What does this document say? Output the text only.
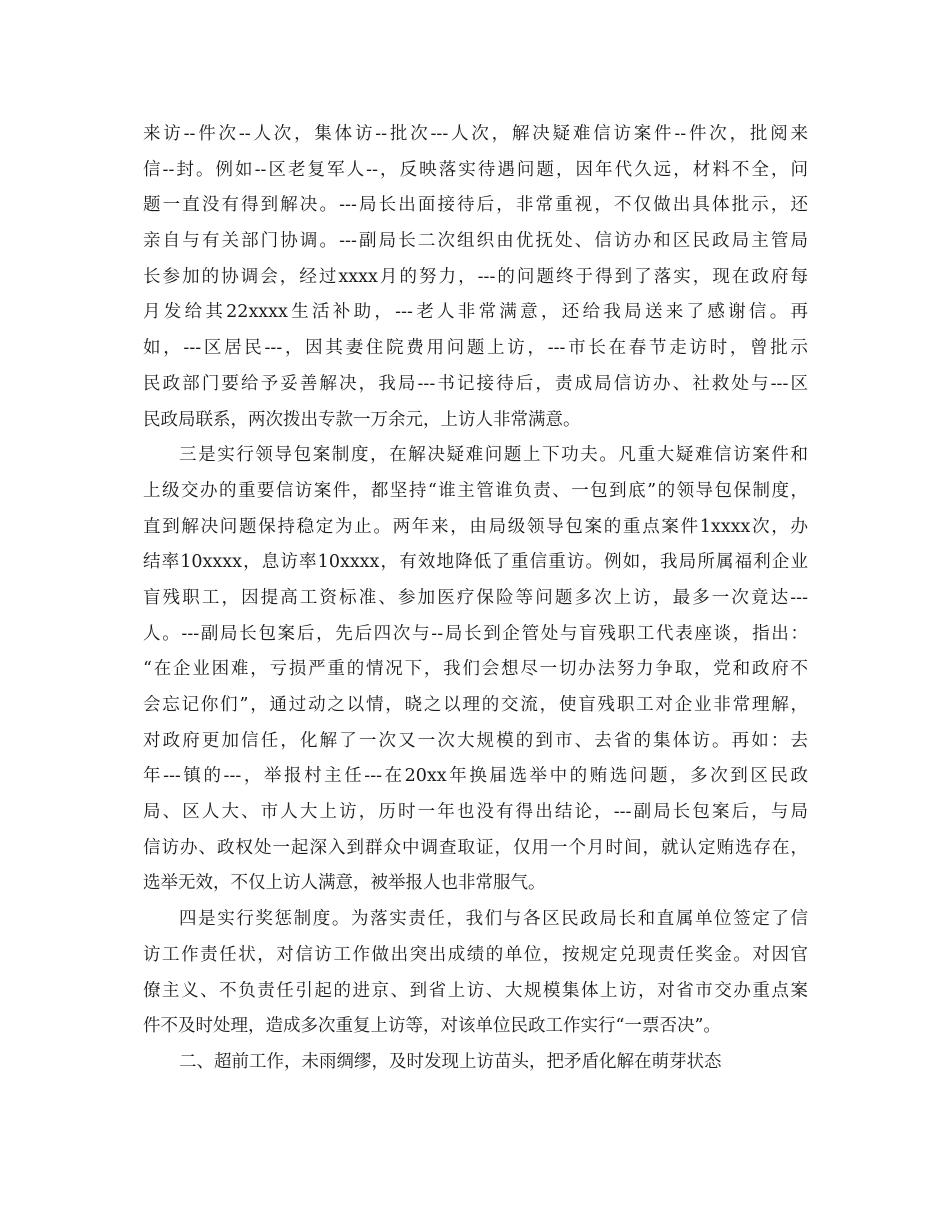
来访--件次--人次，集体访--批次---人次，解决疑难信访案件--件次，批阅来
信--封。例如--区老复军人--，反映落实待遇问题，因年代久远，材料不全，问
题一直没有得到解决。---局长出面接待后，非常重视，不仅做出具体批示，还
亲自与有关部门协调。---副局长二次组织由优抚处、信访办和区民政局主管局
长参加的协调会，经过xxxx月的努力，---的问题终于得到了落实，现在政府每
月发给其22xxxx生活补助，---老人非常满意，还给我局送来了感谢信。再
如，---区居民---，因其妻住院费用问题上访，---市长在春节走访时，曾批示
民政部门要给予妥善解决，我局---书记接待后，责成局信访办、社救处与---区
民政局联系，两次拨出专款一万余元，上访人非常满意。
三是实行领导包案制度，在解决疑难问题上下功夫。凡重大疑难信访案件和
上级交办的重要信访案件，都坚持“谁主管谁负责、一包到底”的领导包保制度，
直到解决问题保持稳定为止。两年来，由局级领导包案的重点案件1xxxx次，办
结率10xxxx，息访率10xxxx，有效地降低了重信重访。例如，我局所属福利企业
盲残职工，因提高工资标准、参加医疗保险等问题多次上访，最多一次竟达---
人。---副局长包案后，先后四次与--局长到企管处与盲残职工代表座谈，指出：
“在企业困难，亏损严重的情况下，我们会想尽一切办法努力争取，党和政府不
会忘记你们”，通过动之以情，晓之以理的交流，使盲残职工对企业非常理解，
对政府更加信任，化解了一次又一次大规模的到市、去省的集体访。再如：去
年---镇的---，举报村主任---在20xx年换届选举中的贿选问题，多次到区民政
局、区人大、市人大上访，历时一年也没有得出结论，---副局长包案后，与局
信访办、政权处一起深入到群众中调查取证，仅用一个月时间，就认定贿选存在，
选举无效，不仅上访人满意，被举报人也非常服气。
四是实行奖惩制度。为落实责任，我们与各区民政局长和直属单位签定了信
访工作责任状，对信访工作做出突出成绩的单位，按规定兑现责任奖金。对因官
僚主义、不负责任引起的进京、到省上访、大规模集体上访，对省市交办重点案
件不及时处理，造成多次重复上访等，对该单位民政工作实行“一票否决”。
二、超前工作，未雨绸缪，及时发现上访苗头，把矛盾化解在萌芽状态
